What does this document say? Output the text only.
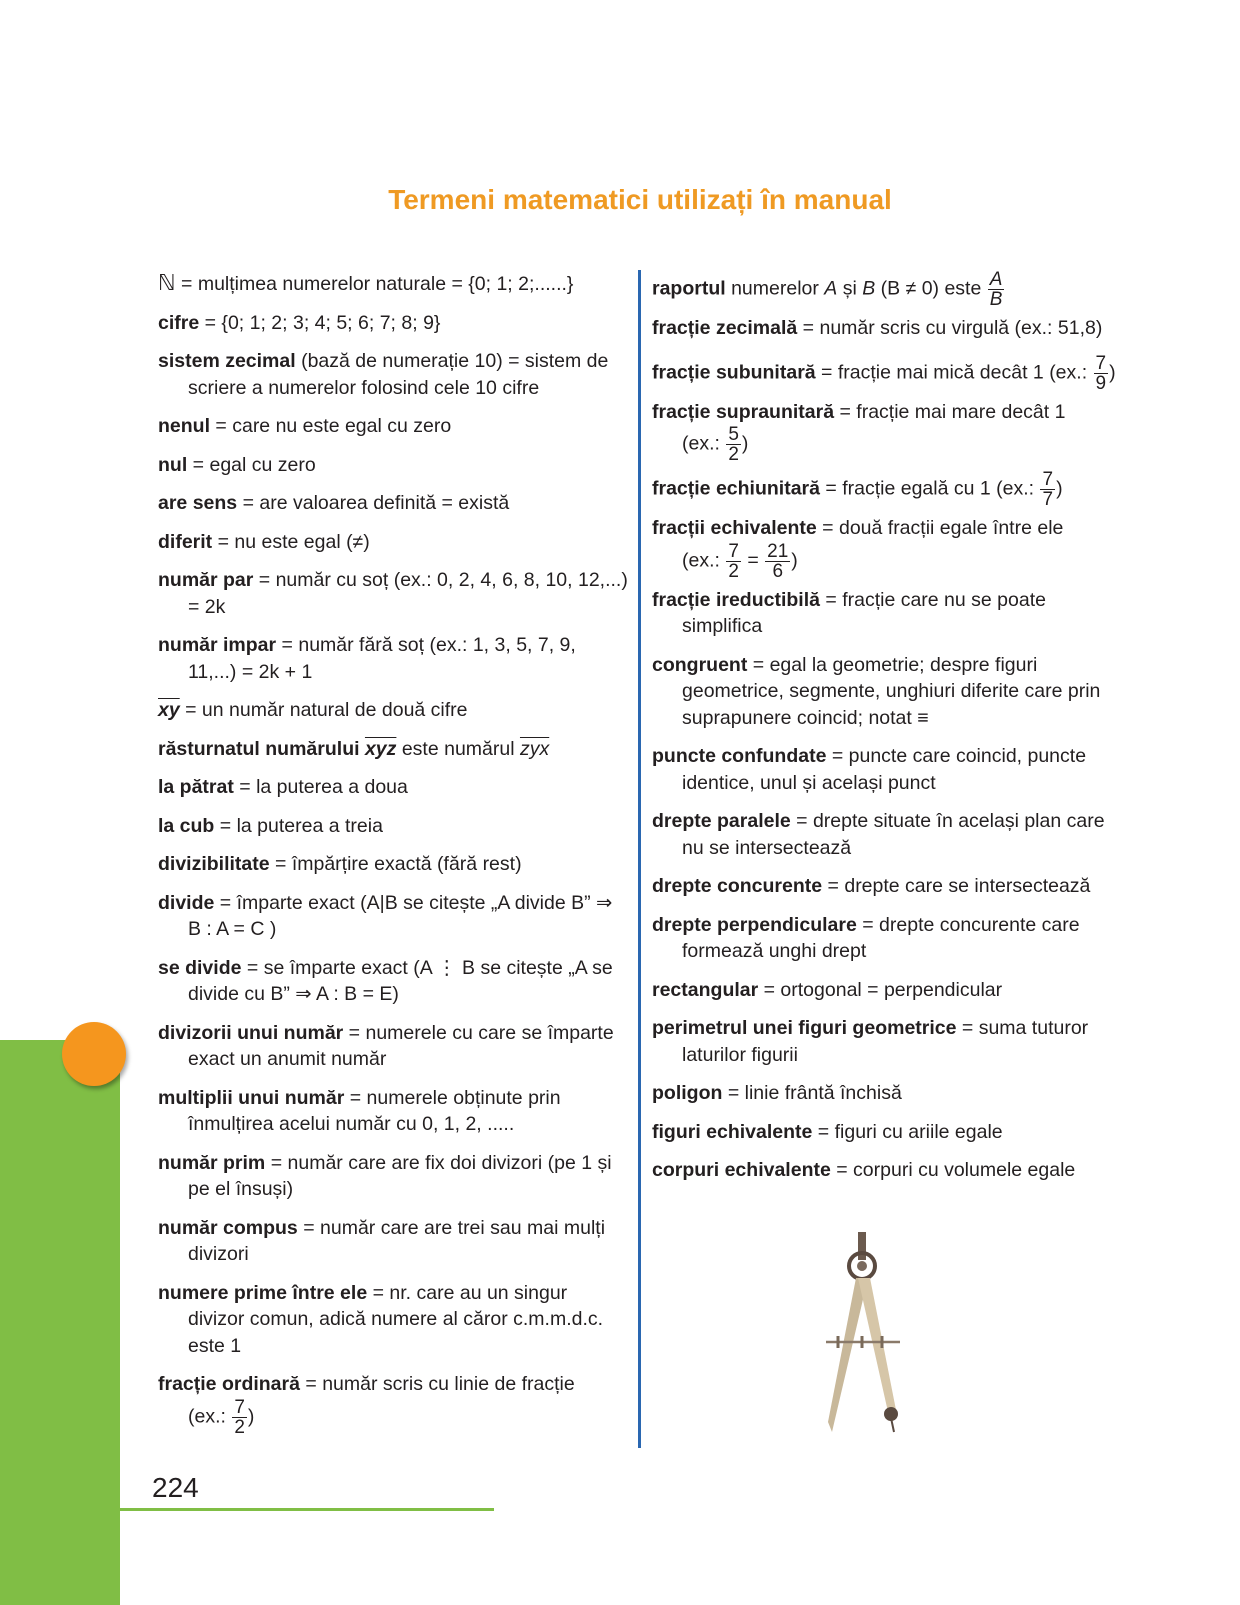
Termeni matematici utilizați în manual
ℕ = mulțimea numerelor naturale = {0; 1; 2;......}
cifre = {0; 1; 2; 3; 4; 5; 6; 7; 8; 9}
sistem zecimal (bază de numerație 10) = sistem de scriere a numerelor folosind cele 10 cifre
nenul = care nu este egal cu zero
nul = egal cu zero
are sens = are valoarea definită = există
diferit = nu este egal (≠)
număr par = număr cu soț (ex.: 0, 2, 4, 6, 8, 10, 12,...) = 2k
număr impar = număr fără soț (ex.: 1, 3, 5, 7, 9, 11,...) = 2k + 1
$\overline{xy}$ = un număr natural de două cifre
răsturnatul numărului $\overline{xyz}$ este numărul $\overline{zyx}$
la pătrat = la puterea a doua
la cub = la puterea a treia
divizibilitate = împărțire exactă (fără rest)
divide = împarte exact (A|B se citește „A divide B” ⇒ B : A = C )
se divide = se împarte exact (A ⋮ B se citește „A se divide cu B” ⇒ A : B = E)
divizorii unui număr = numerele cu care se împarte exact un anumit număr
multiplii unui număr = numerele obținute prin înmulțirea acelui număr cu 0, 1, 2, .....
număr prim = număr care are fix doi divizori (pe 1 și pe el însuși)
număr compus = număr care are trei sau mai mulți divizori
numere prime între ele = nr. care au un singur divizor comun, adică numere al căror c.m.m.d.c. este 1
fracție ordinară = număr scris cu linie de fracție
(ex.: $\frac{7}{2}$ )
raportul numerelor A și B (B ≠ 0) este $\frac{A}{B}$
fracție zecimală = număr scris cu virgulă (ex.: 51,8)
fracție subunitară = fracție mai mică decât 1 (ex.: $\frac{7}{9}$ )
fracție supraunitară = fracție mai mare decât 1
(ex.: $\frac{5}{2}$ )
fracție echiunitară = fracție egală cu 1 (ex.: $\frac{7}{7}$ )
fracții echivalente = două fracții egale între ele
(ex.: $\frac{7}{2} = \frac{21}{6}$ )
fracție ireductibilă = fracție care nu se poate simplifica
congruent = egal la geometrie; despre figuri geometrice, segmente, unghiuri diferite care prin suprapunere coincid; notat ≡
puncte confundate = puncte care coincid, puncte identice, unul și același punct
drepte paralele = drepte situate în același plan care nu se intersectează
drepte concurente = drepte care se intersectează
drepte perpendiculare = drepte concurente care formează unghi drept
rectangular = ortogonal = perpendicular
perimetrul unei figuri geometrice = suma tuturor laturilor figurii
poligon = linie frântă închisă
figuri echivalente = figuri cu ariile egale
corpuri echivalente = corpuri cu volumele egale
224
